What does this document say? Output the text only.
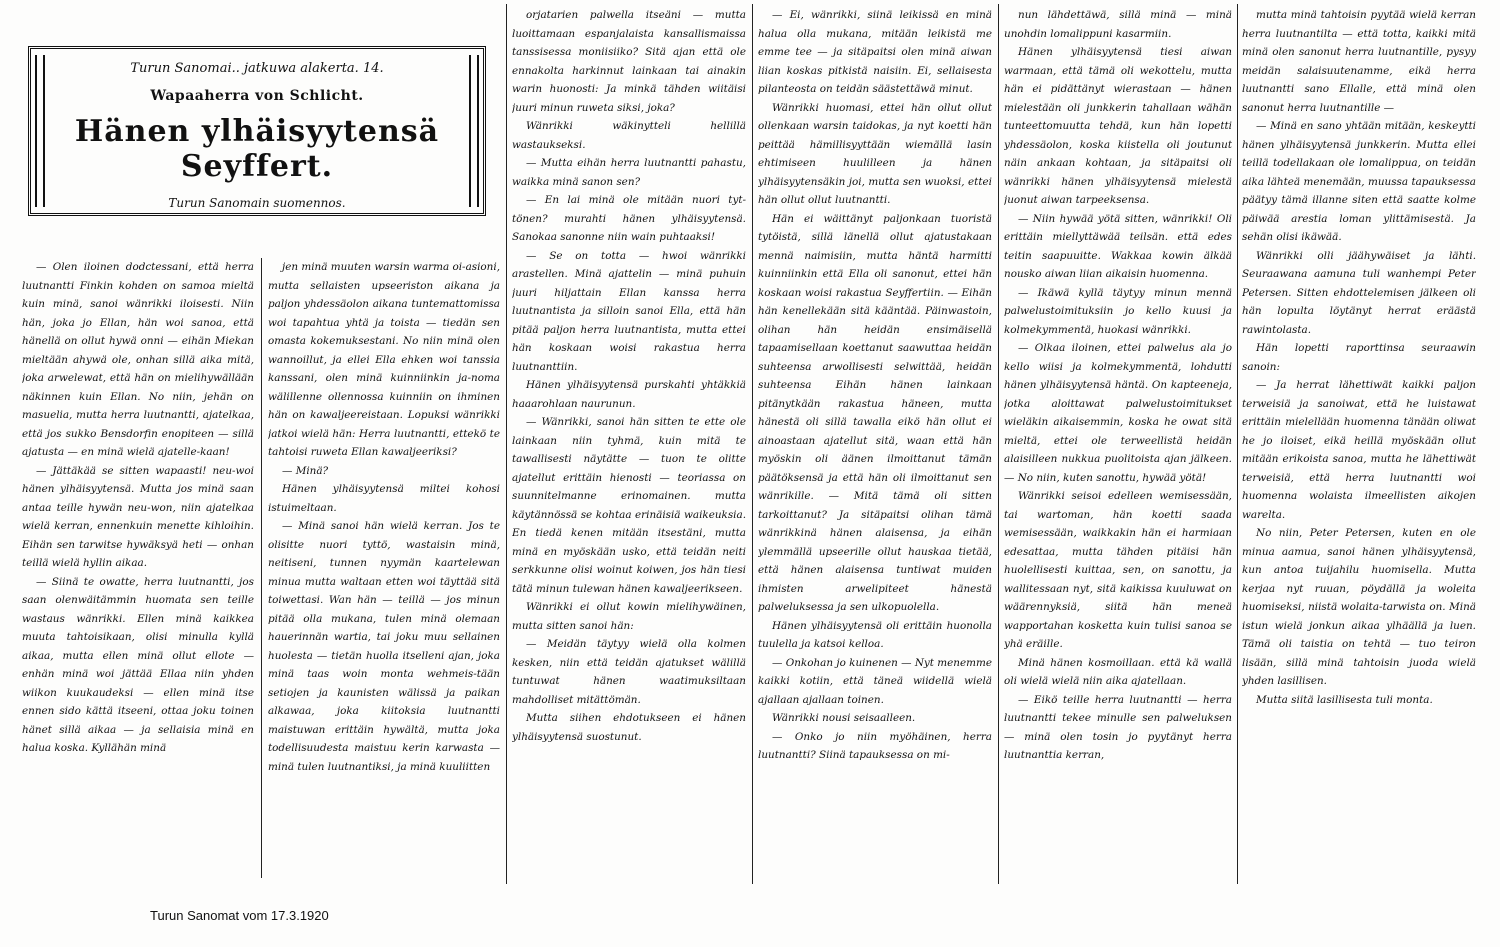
Turun Sanomai.. jatkuwa alakerta. 14.
Wapaaherra von Schlicht.
Hänen ylhäisyytensä Seyffert.
Turun Sanomain suomennos.

— Olen iloinen dodctessani, että herra luutnantti Finkin kohden on samoa mieltä kuin minä, sanoi wänrikki iloisesti. Niin hän, joka jo Ellan, hän woi sanoa, että hänellä on ollut hywä onni — eihän Miekan mieltään ahywä ole, onhan sillä aika mitä, joka arwelewat, että hän on mielihywällään näkinnen kuin Ellan. No niin, jehän on masuelia, mutta herra luutnantti, ajatelkaa, että jos sukko Bensdorfin enopiteen — sillä ajatusta — en minä wielä ajatelle-kaan!

— Jättäkää se sitten wapaasti! neu-woi hänen ylhäisyytensä. Mutta jos minä saan antaa teille hywän neu-won, niin ajatelkaa wielä kerran, ennenkuin menette kihloihin. Eihän sen tarwitse hywäksyä heti — onhan teillä wielä hyllin aikaa.

— Siinä te owatte, herra luutnantti, jos saan olenwäitämmin huomata sen teille wastaus wänrikki. Ellen minä kaikkea muuta tahtoisikaan, olisi minulla kyllä aikaa, mutta ellen minä ollut ellote — enhän minä woi jättää Ellaa niin yhden wiikon kuukaudeksi — ellen minä itse ennen sido kättä itseeni, ottaa joku toinen hänet sillä aikaa — ja sellaisia minä en halua koska. Kyllähän minä

jen minä muuten warsin warma oi-asioni, mutta sellaisten upseeriston aikana ja paljon yhdessäolon aikana tuntemattomissa woi tapahtua yhtä ja toista — tiedän sen omasta kokemuksestani. No niin minä olen wannoillut, ja ellei Ella ehken woi tanssia kanssani, olen minä kuinniinkin ja-noma wälillenne ollennossa kuinniin on ihminen hän on kawaljeereistaan. Lopuksi wänrikki jatkoi wielä hän: Herra luutnantti, ettekö te tahtoisi ruweta Ellan kawaljeeriksi?

— Minä?

Hänen ylhäisyytensä miltei kohosi istuimeltaan.

— Minä sanoi hän wielä kerran. Jos te olisitte nuori tyttö, wastaisin minä, neitiseni, tunnen nyymän kaartelewan minua mutta waltaan etten woi täyttää sitä toiwettasi. Wan hän — teillä — jos minun pitää olla mukana, tulen minä olemaan hauerinnän wartia, tai joku muu sellainen huolesta — tietän huolla itselleni ajan, joka minä taas woin monta wehmeis-tään setiojen ja kaunisten wälissä ja paikan alkawaa, joka kiitoksia luutnantti maistuwan erittäin hywältä, mutta joka todellisuudesta maistuu kerin karwasta — minä tulen luutnantiksi, ja minä kuuliitten

orjatarien palwella itseäni — mutta luoittamaan espanjalaista kansallismaissa tanssisessa moniisiiko? Sitä ajan että ole ennakolta harkinnut lainkaan tai ainakin warin huonosti: Ja minkä tähden wiitäisi juuri minun ruweta siksi, joka?

Wänrikki wäkinytteli hellillä wastaukseksi.

— Mutta eihän herra luutnantti pahastu, waikka minä sanon sen?

— En lai minä ole mitään nuori tyt-tönen? murahti hänen ylhäisyytensä. Sanokaa sanonne niin wain puhtaaksi!

— Se on totta — hwoi wänrikki arastellen. Minä ajattelin — minä puhuin juuri hiljattain Ellan kanssa herra luutnantista ja silloin sanoi Ella, että hän pitää paljon herra luutnantista, mutta ettei hän koskaan woisi rakastua herra luutnanttiin.

Hänen ylhäisyytensä purskahti yhtäkkiä haaarohlaan naurunun.

— Wänrikki, sanoi hän sitten te ette ole lainkaan niin tyhmä, kuin mitä te tawallisesti näytätte — tuon te olitte ajatellut erittäin hienosti — teoriassa on suunnitelmanne erinomainen. mutta käytännössä se kohtaa erinäisiä waikeuksia. En tiedä kenen mitään itsestäni, mutta minä en myöskään usko, että teidän neiti serkkunne olisi woinut koiwen, jos hän tiesi tätä minun tulewan hänen kawaljeerikseen.

Wänrikki ei ollut kowin mielihywäinen, mutta sitten sanoi hän:

— Meidän täytyy wielä olla kolmen kesken, niin että teidän ajatukset wälillä tuntuwat hänen waatimuksiltaan mahdolliset mitättömän.

Mutta siihen ehdotukseen ei hänen ylhäisyytensä suostunut.

— Ei, wänrikki, siinä leikissä en minä halua olla mukana, mitään leikistä me emme tee — ja sitäpaitsi olen minä aiwan liian koskas pitkistä naisiin. Ei, sellaisesta pilanteosta on teidän säästettäwä minut.

Wänrikki huomasi, ettei hän ollut ollut ollenkaan warsin taidokas, ja nyt koetti hän peittää hämillisyyttään wiemällä lasin ehtimiseen huulilleen ja hänen ylhäisyytensäkin joi, mutta sen wuoksi, ettei hän ollut ollut luutnantti.

Hän ei wäittänyt paljonkaan tuoristä tytöistä, sillä länellä ollut ajatustakaan mennä naimisiin, mutta häntä harmitti kuinniinkin että Ella oli sanonut, ettei hän koskaan woisi rakastua Seyffertiin. — Eihän hän kenellekään sitä kääntää. Päinwastoin, olihan hän heidän ensimäisellä tapaamisellaan koettanut saawuttaa heidän suhteensa arwollisesti selwittää, heidän suhteensa Eihän hänen lainkaan pitänytkään rakastua häneen, mutta hänestä oli sillä tawalla eikö hän ollut ei ainoastaan ajatellut sitä, waan että hän myöskin oli äänen ilmoittanut tämän päätöksensä ja että hän oli ilmoittanut sen wänrikille. — Mitä tämä oli sitten tarkoittanut? Ja sitäpaitsi olihan tämä wänrikkinä hänen alaisensa, ja eihän ylemmällä upseerille ollut hauskaa tietää, että hänen alaisensa tuntiwat muiden ihmisten arwelipiteet hänestä palweluksessa ja sen ulkopuolella.

Hänen ylhäisyytensä oli erittäin huonolla tuulella ja katsoi kelloa.

— Onkohan jo kuinenen — Nyt menemme kaikki kotiin, että täneä wiidellä wielä ajallaan ajallaan toinen.

Wänrikki nousi seisaalleen.

— Onko jo niin myöhäinen, herra luutnantti? Siinä tapauksessa on mi-

nun lähdettäwä, sillä minä — minä unohdin lomalippuni kasarmiin.

Hänen ylhäisyytensä tiesi aiwan warmaan, että tämä oli wekottelu, mutta hän ei pidättänyt wierastaan — hänen mielestään oli junkkerin tahallaan wähän tunteettomuutta tehdä, kun hän lopetti yhdessäolon, koska kiistella oli joutunut näin ankaan kohtaan, ja sitäpaitsi oli wänrikki hänen ylhäisyytensä mielestä juonut aiwan tarpeeksensa.

— Niin hywää yötä sitten, wänrikki! Oli erittäin miellyttäwää teilsän. että edes teitin saapuuitte. Wakkaa kowin älkää nousko aiwan liian aikaisin huomenna.

— Ikäwä kyllä täytyy minun mennä palwelustoimituksiin jo kello kuusi ja kolmekymmentä, huokasi wänrikki.

— Olkaa iloinen, ettei palwelus ala jo kello wiisi ja kolmekymmentä, lohdutti hänen ylhäisyytensä häntä. On kapteeneja, jotka aloittawat palwelustoimitukset wieläkin aikaisemmin, koska he owat sitä mieltä, ettei ole terweellistä heidän alaisilleen nukkua puolitoista ajan jälkeen. — No niin, kuten sanottu, hywää yötä!

Wänrikki seisoi edelleen wemisessään, tai wartoman, hän koetti saada wemisessään, waikkakin hän ei harmiaan edesattaa, mutta tähden pitäisi hän huolellisesti kuittaa, sen, on sanottu, ja wallitessaan nyt, sitä kaikissa kuuluwat on wäärennyksiä, siitä hän meneä wapportahan kosketta kuin tulisi sanoa se yhä eräille.

Minä hänen kosmoillaan. että kä wallä oli wielä wielä niin aika ajatellaan.

— Eikö teille herra luutnantti — herra luutnantti tekee minulle sen palweluksen — minä olen tosin jo pyytänyt herra luutnanttia kerran,

mutta minä tahtoisin pyytää wielä kerran herra luutnantilta — että totta, kaikki mitä minä olen sanonut herra luutnantille, pysyy meidän salaisuutenamme, eikä herra luutnantti sano Ellalle, että minä olen sanonut herra luutnantille —

— Minä en sano yhtään mitään, keskeytti hänen ylhäisyytensä junkkerin. Mutta ellei teillä todellakaan ole lomalippua, on teidän aika lähteä menemään, muussa tapauksessa päätyy tämä illanne siten että saatte kolme päiwää arestia loman ylittämisestä. Ja sehän olisi ikäwää.

Wänrikki olli jäähywäiset ja lähti. Seuraawana aamuna tuli wanhempi Peter Petersen. Sitten ehdottelemisen jälkeen oli hän lopulta löytänyt herrat eräästä rawintolasta.

Hän lopetti raporttinsa seuraawin sanoin:

— Ja herrat lähettiwät kaikki paljon terweisiä ja sanoiwat, että he luistawat erittäin mielellään huomenna tänään oliwat he jo iloiset, eikä heillä myöskään ollut mitään erikoista sanoa, mutta he lähettiwät terweisiä, että herra luutnantti woi huomenna wolaista ilmeellisten aikojen warelta.

No niin, Peter Petersen, kuten en ole minua aamua, sanoi hänen ylhäisyytensä, kun antoa tuijahilu huomisella. Mutta kerjaa nyt ruuan, pöydällä ja woleita huomiseksi, niistä wolaita-tarwista on. Minä istun wielä jonkun aikaa ylhäällä ja luen. Tämä oli taistia on tehtä — tuo teiron lisään, sillä minä tahtoisin juoda wielä yhden lasillisen.

Mutta siitä lasillisesta tuli monta.

Turun Sanomat vom 17.3.1920
